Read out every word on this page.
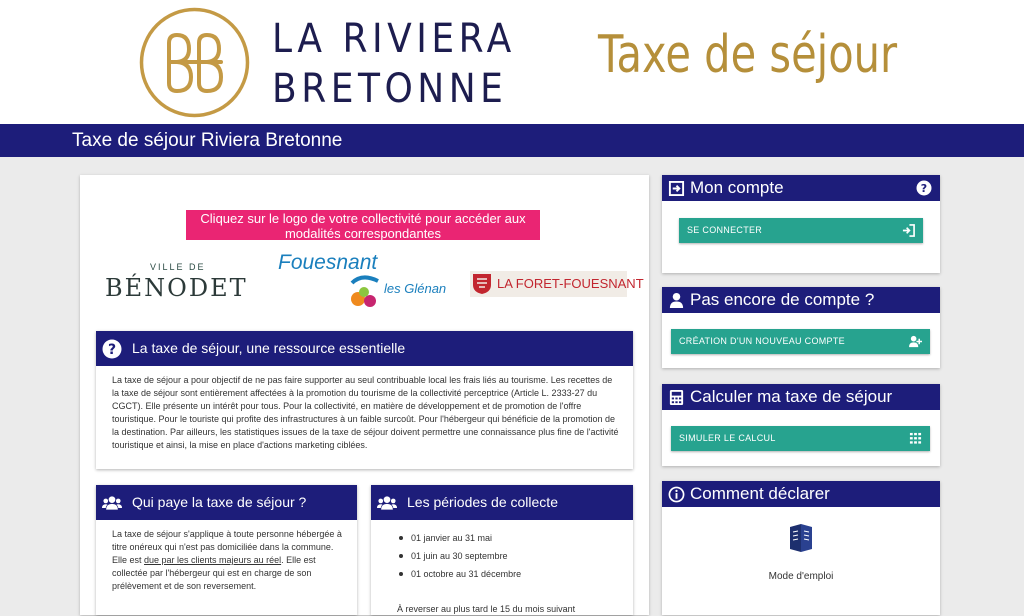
LA RIVIERA
BRETONNE
Taxe de séjour
Taxe de séjour Riviera Bretonne
Cliquez sur le logo de votre collectivité pour accéder aux modalités correspondantes
VILLE DE
BÉNODET
Fouesnant
les Glénan	LA FORET-FOUESNANT
? La taxe de séjour, une ressource essentielle
La taxe de séjour a pour objectif de ne pas faire supporter au seul contribuable local les frais liés au tourisme. Les recettes de la taxe de séjour sont entièrement affectées à la promotion du tourisme de la collectivité perceptrice (Article L. 2333-27 du CGCT). Elle présente un intérêt pour tous. Pour la collectivité, en matière de développement et de promotion de l'offre touristique. Pour le touriste qui profite des infrastructures à un faible surcoût. Pour l'hébergeur qui bénéficie de la promotion de la destination. Par ailleurs, les statistiques issues de la taxe de séjour doivent permettre une connaissance plus fine de l'activité touristique et ainsi, la mise en place d'actions marketing ciblées.
Qui paye la taxe de séjour ?
La taxe de séjour s'applique à toute personne hébergée à titre onéreux qui n'est pas domiciliée dans la commune. Elle est due par les clients majeurs au réel. Elle est collectée par l'hébergeur qui est en charge de son prélèvement et de son reversement.
Les périodes de collecte
01 janvier au 31 mai
01 juin au 30 septembre
01 octobre au 31 décembre
À reverser au plus tard le 15 du mois suivant
Mon compte	?
SE CONNECTER
Pas encore de compte ?
CRÉATION D'UN NOUVEAU COMPTE
Calculer ma taxe de séjour
SIMULER LE CALCUL
Comment déclarer
Mode d'emploi
